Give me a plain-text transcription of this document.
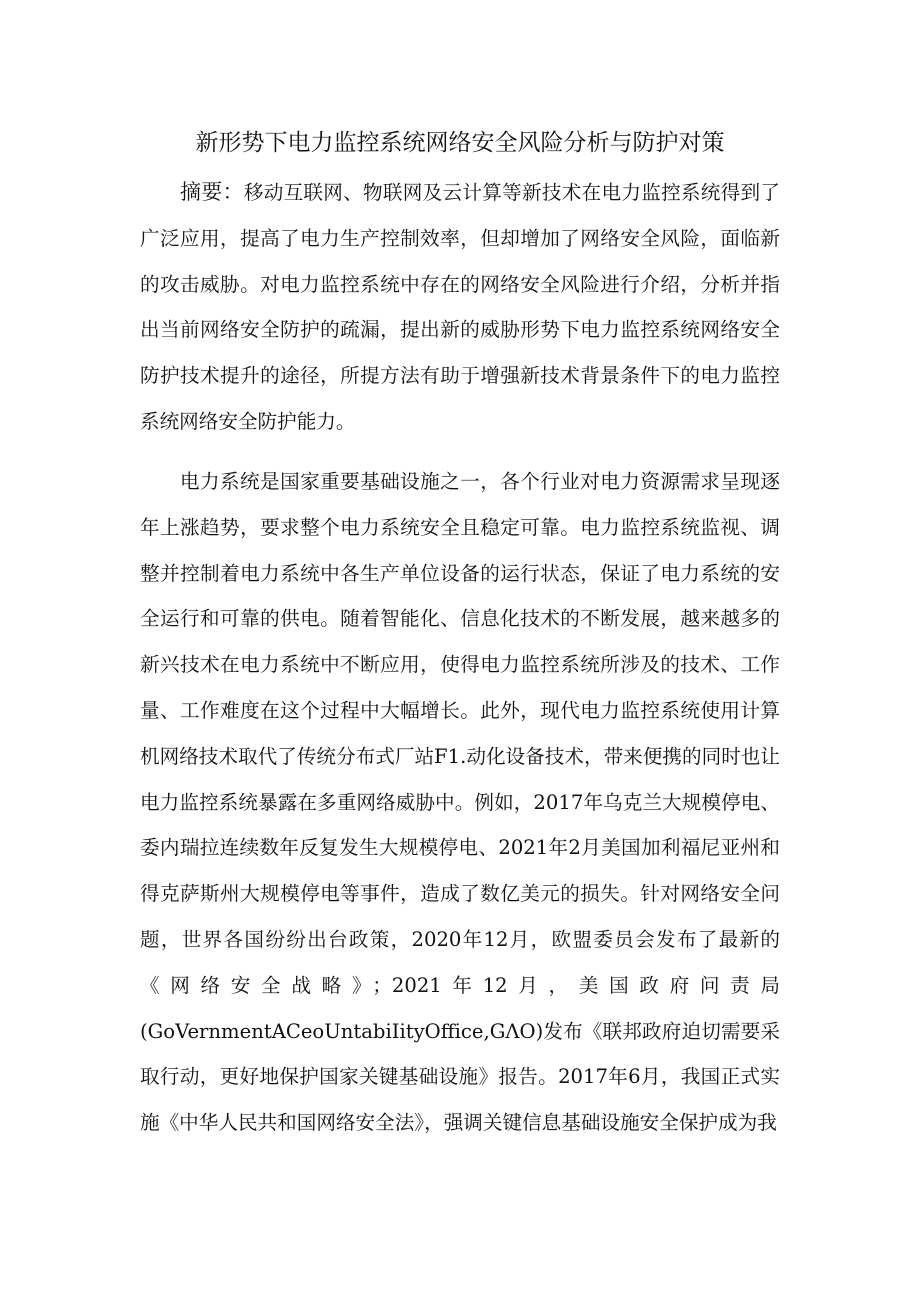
新形势下电力监控系统网络安全风险分析与防护对策

摘要：移动互联网、物联网及云计算等新技术在电力监控系统得到了广泛应用，提高了电力生产控制效率，但却增加了网络安全风险，面临新的攻击威胁。对电力监控系统中存在的网络安全风险进行介绍，分析并指出当前网络安全防护的疏漏，提出新的威胁形势下电力监控系统网络安全防护技术提升的途径，所提方法有助于增强新技术背景条件下的电力监控系统网络安全防护能力。

电力系统是国家重要基础设施之一，各个行业对电力资源需求呈现逐年上涨趋势，要求整个电力系统安全且稳定可靠。电力监控系统监视、调整并控制着电力系统中各生产单位设备的运行状态，保证了电力系统的安全运行和可靠的供电。随着智能化、信息化技术的不断发展，越来越多的新兴技术在电力系统中不断应用，使得电力监控系统所涉及的技术、工作量、工作难度在这个过程中大幅增长。此外，现代电力监控系统使用计算机网络技术取代了传统分布式厂站F1.动化设备技术，带来便携的同时也让电力监控系统暴露在多重网络威胁中。例如，2017年乌克兰大规模停电、委内瑞拉连续数年反复发生大规模停电、2021年2月美国加利福尼亚州和得克萨斯州大规模停电等事件，造成了数亿美元的损失。针对网络安全问题，世界各国纷纷出台政策，2020年12月，欧盟委员会发布了最新的《网络安全战略》；2021年12月，美国政府问责局(GoVernmentACeoUntabiIityOffice,GΛO)发布《联邦政府迫切需要采取行动，更好地保护国家关键基础设施》报告。2017年6月，我国正式实施《中华人民共和国网络安全法》，强调关键信息基础设施安全保护成为我
